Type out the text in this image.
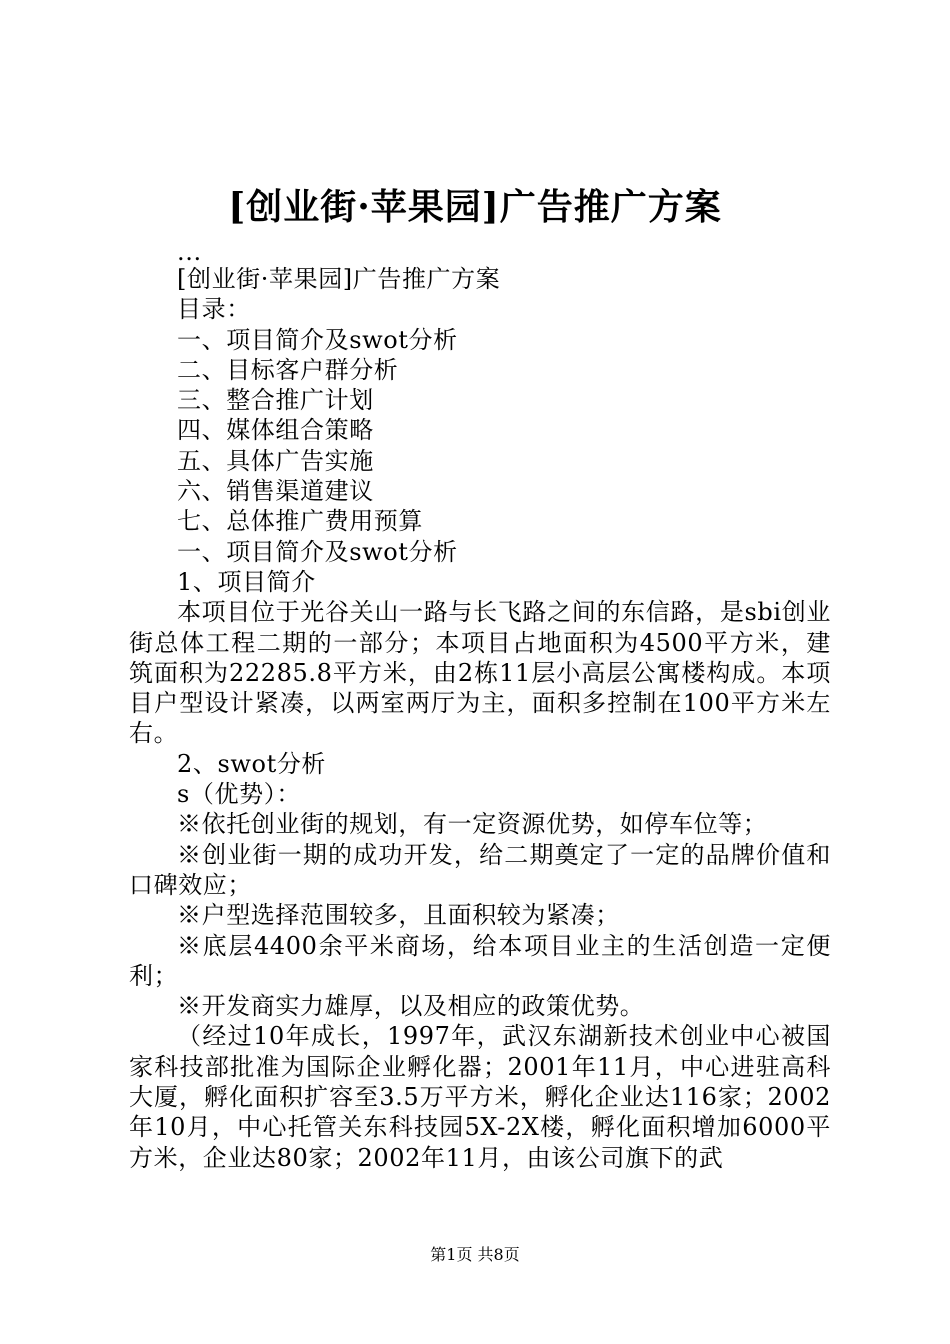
[创业街·苹果园]广告推广方案
...
[创业街·苹果园]广告推广方案
目录：
一、项目简介及swot分析
二、目标客户群分析
三、整合推广计划
四、媒体组合策略
五、具体广告实施
六、销售渠道建议
七、总体推广费用预算
一、项目简介及swot分析
1、项目简介
本项目位于光谷关山一路与长飞路之间的东信路，是sbi创业街总体工程二期的一部分；本项目占地面积为4500平方米，建筑面积为22285.8平方米，由2栋11层小高层公寓楼构成。本项目户型设计紧凑，以两室两厅为主，面积多控制在100平方米左右。
2、swot分析
s（优势）：
※依托创业街的规划，有一定资源优势，如停车位等；
※创业街一期的成功开发，给二期奠定了一定的品牌价值和口碑效应；
※户型选择范围较多，且面积较为紧凑；
※底层4400余平米商场，给本项目业主的生活创造一定便利；
※开发商实力雄厚，以及相应的政策优势。
（经过10年成长，1997年，武汉东湖新技术创业中心被国家科技部批准为国际企业孵化器；2001年11月，中心进驻高科大厦，孵化面积扩容至3.5万平方米，孵化企业达116家；2002年10月，中心托管关东科技园5X-2X楼，孵化面积增加6000平方米，企业达80家；2002年11月，由该公司旗下的武
第1页 共8页
